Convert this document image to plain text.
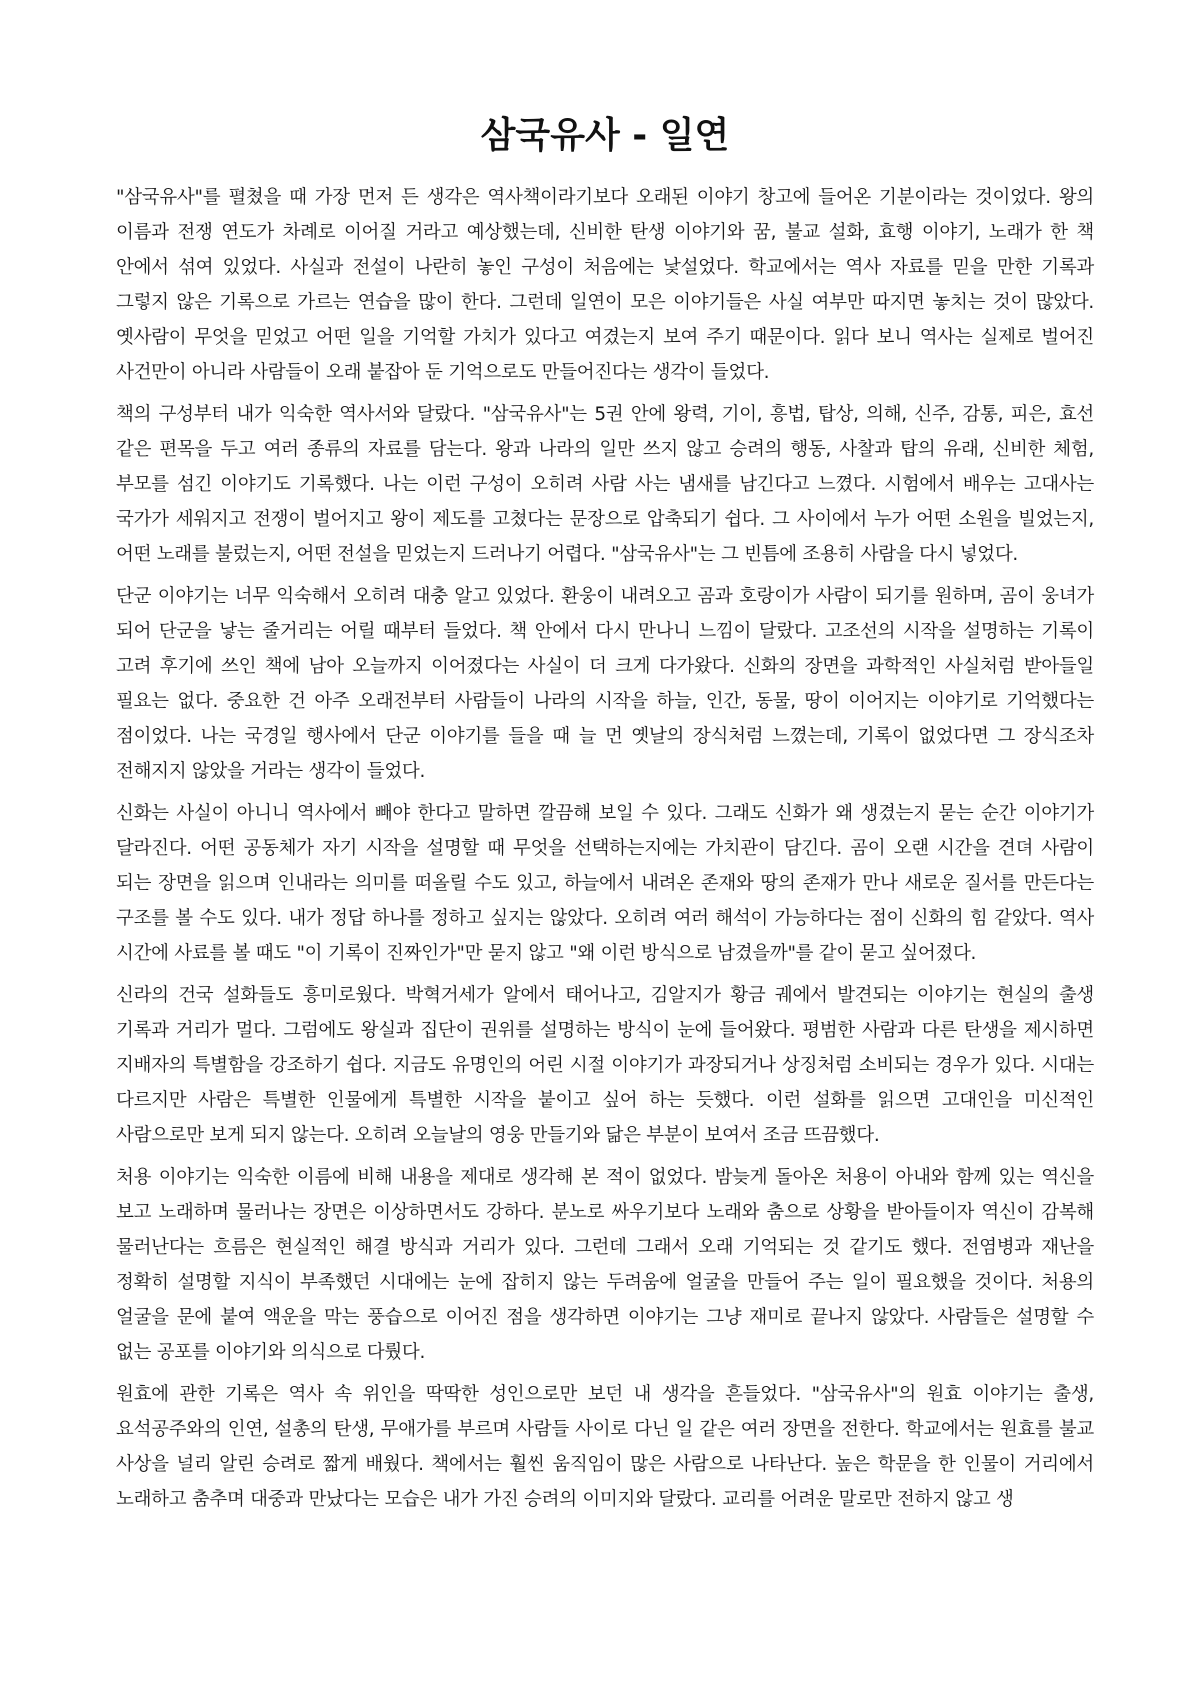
삼국유사 - 일연

"삼국유사"를 펼쳤을 때 가장 먼저 든 생각은 역사책이라기보다 오래된 이야기 창고에 들어온 기분이라는 것이었다. 왕의 이름과 전쟁 연도가 차례로 이어질 거라고 예상했는데, 신비한 탄생 이야기와 꿈, 불교 설화, 효행 이야기, 노래가 한 책 안에서 섞여 있었다. 사실과 전설이 나란히 놓인 구성이 처음에는 낯설었다. 학교에서는 역사 자료를 믿을 만한 기록과 그렇지 않은 기록으로 가르는 연습을 많이 한다. 그런데 일연이 모은 이야기들은 사실 여부만 따지면 놓치는 것이 많았다. 옛사람이 무엇을 믿었고 어떤 일을 기억할 가치가 있다고 여겼는지 보여 주기 때문이다. 읽다 보니 역사는 실제로 벌어진 사건만이 아니라 사람들이 오래 붙잡아 둔 기억으로도 만들어진다는 생각이 들었다.

책의 구성부터 내가 익숙한 역사서와 달랐다. "삼국유사"는 5권 안에 왕력, 기이, 흥법, 탑상, 의해, 신주, 감통, 피은, 효선 같은 편목을 두고 여러 종류의 자료를 담는다. 왕과 나라의 일만 쓰지 않고 승려의 행동, 사찰과 탑의 유래, 신비한 체험, 부모를 섬긴 이야기도 기록했다. 나는 이런 구성이 오히려 사람 사는 냄새를 남긴다고 느꼈다. 시험에서 배우는 고대사는 국가가 세워지고 전쟁이 벌어지고 왕이 제도를 고쳤다는 문장으로 압축되기 쉽다. 그 사이에서 누가 어떤 소원을 빌었는지, 어떤 노래를 불렀는지, 어떤 전설을 믿었는지 드러나기 어렵다. "삼국유사"는 그 빈틈에 조용히 사람을 다시 넣었다.

단군 이야기는 너무 익숙해서 오히려 대충 알고 있었다. 환웅이 내려오고 곰과 호랑이가 사람이 되기를 원하며, 곰이 웅녀가 되어 단군을 낳는 줄거리는 어릴 때부터 들었다. 책 안에서 다시 만나니 느낌이 달랐다. 고조선의 시작을 설명하는 기록이 고려 후기에 쓰인 책에 남아 오늘까지 이어졌다는 사실이 더 크게 다가왔다. 신화의 장면을 과학적인 사실처럼 받아들일 필요는 없다. 중요한 건 아주 오래전부터 사람들이 나라의 시작을 하늘, 인간, 동물, 땅이 이어지는 이야기로 기억했다는 점이었다. 나는 국경일 행사에서 단군 이야기를 들을 때 늘 먼 옛날의 장식처럼 느꼈는데, 기록이 없었다면 그 장식조차 전해지지 않았을 거라는 생각이 들었다.

신화는 사실이 아니니 역사에서 빼야 한다고 말하면 깔끔해 보일 수 있다. 그래도 신화가 왜 생겼는지 묻는 순간 이야기가 달라진다. 어떤 공동체가 자기 시작을 설명할 때 무엇을 선택하는지에는 가치관이 담긴다. 곰이 오랜 시간을 견뎌 사람이 되는 장면을 읽으며 인내라는 의미를 떠올릴 수도 있고, 하늘에서 내려온 존재와 땅의 존재가 만나 새로운 질서를 만든다는 구조를 볼 수도 있다. 내가 정답 하나를 정하고 싶지는 않았다. 오히려 여러 해석이 가능하다는 점이 신화의 힘 같았다. 역사 시간에 사료를 볼 때도 "이 기록이 진짜인가"만 묻지 않고 "왜 이런 방식으로 남겼을까"를 같이 묻고 싶어졌다.

신라의 건국 설화들도 흥미로웠다. 박혁거세가 알에서 태어나고, 김알지가 황금 궤에서 발견되는 이야기는 현실의 출생 기록과 거리가 멀다. 그럼에도 왕실과 집단이 권위를 설명하는 방식이 눈에 들어왔다. 평범한 사람과 다른 탄생을 제시하면 지배자의 특별함을 강조하기 쉽다. 지금도 유명인의 어린 시절 이야기가 과장되거나 상징처럼 소비되는 경우가 있다. 시대는 다르지만 사람은 특별한 인물에게 특별한 시작을 붙이고 싶어 하는 듯했다. 이런 설화를 읽으면 고대인을 미신적인 사람으로만 보게 되지 않는다. 오히려 오늘날의 영웅 만들기와 닮은 부분이 보여서 조금 뜨끔했다.

처용 이야기는 익숙한 이름에 비해 내용을 제대로 생각해 본 적이 없었다. 밤늦게 돌아온 처용이 아내와 함께 있는 역신을 보고 노래하며 물러나는 장면은 이상하면서도 강하다. 분노로 싸우기보다 노래와 춤으로 상황을 받아들이자 역신이 감복해 물러난다는 흐름은 현실적인 해결 방식과 거리가 있다. 그런데 그래서 오래 기억되는 것 같기도 했다. 전염병과 재난을 정확히 설명할 지식이 부족했던 시대에는 눈에 잡히지 않는 두려움에 얼굴을 만들어 주는 일이 필요했을 것이다. 처용의 얼굴을 문에 붙여 액운을 막는 풍습으로 이어진 점을 생각하면 이야기는 그냥 재미로 끝나지 않았다. 사람들은 설명할 수 없는 공포를 이야기와 의식으로 다뤘다.

원효에 관한 기록은 역사 속 위인을 딱딱한 성인으로만 보던 내 생각을 흔들었다. "삼국유사"의 원효 이야기는 출생, 요석공주와의 인연, 설총의 탄생, 무애가를 부르며 사람들 사이로 다닌 일 같은 여러 장면을 전한다. 학교에서는 원효를 불교 사상을 널리 알린 승려로 짧게 배웠다. 책에서는 훨씬 움직임이 많은 사람으로 나타난다. 높은 학문을 한 인물이 거리에서 노래하고 춤추며 대중과 만났다는 모습은 내가 가진 승려의 이미지와 달랐다. 교리를 어려운 말로만 전하지 않고 생
